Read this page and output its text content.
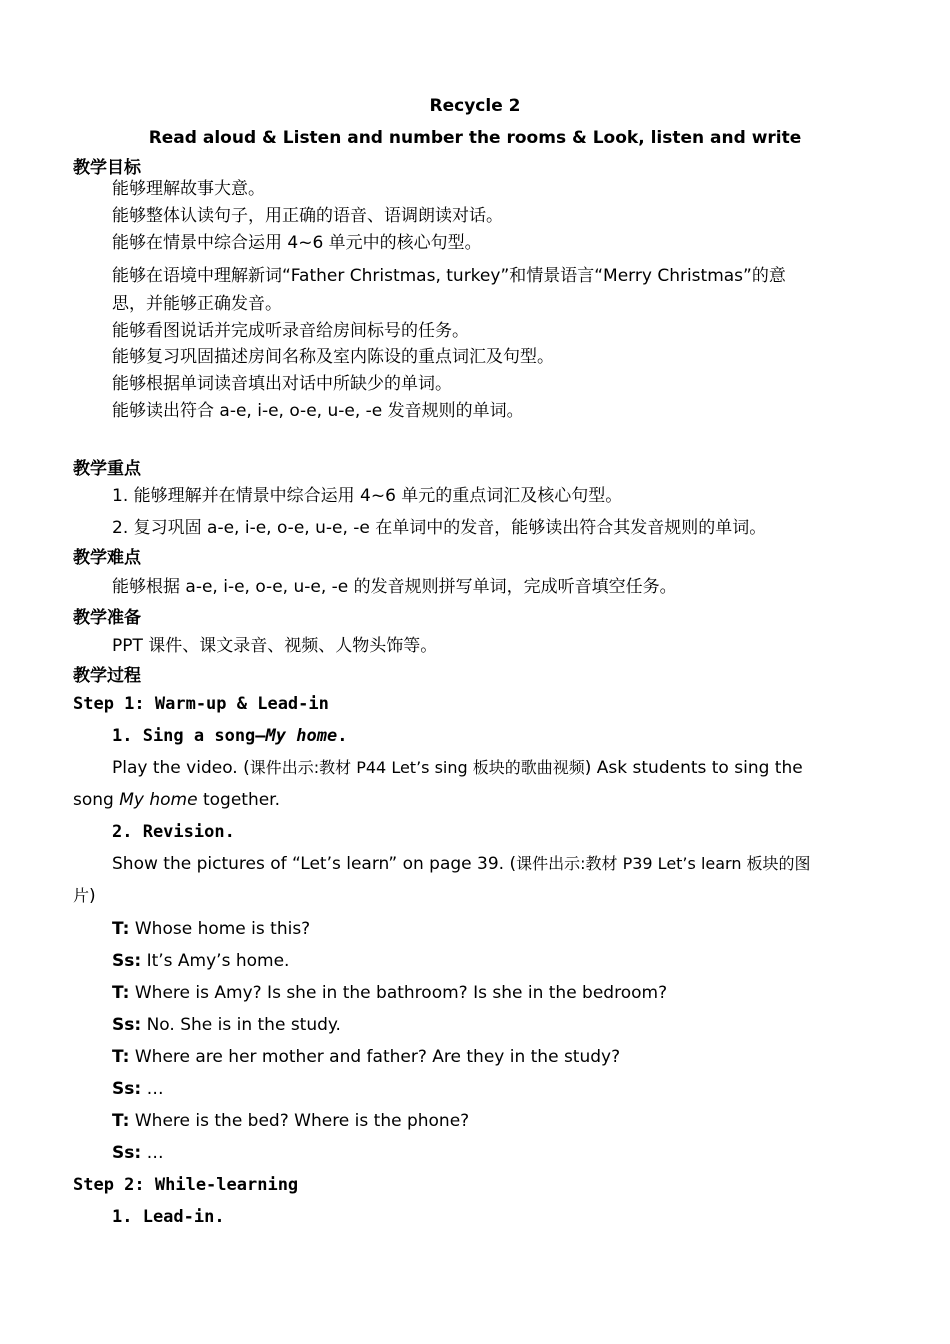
Recycle 2
Read aloud & Listen and number the rooms & Look, listen and write
教学目标
能够理解故事大意。
能够整体认读句子，用正确的语音、语调朗读对话。
能够在情景中综合运用 4~6 单元中的核心句型。
能够在语境中理解新词“Father Christmas, turkey”和情景语言“Merry Christmas”的意
思，并能够正确发音。
能够看图说话并完成听录音给房间标号的任务。
能够复习巩固描述房间名称及室内陈设的重点词汇及句型。
能够根据单词读音填出对话中所缺少的单词。
能够读出符合 a-e, i-e, o-e, u-e, -e 发音规则的单词。
教学重点
1. 能够理解并在情景中综合运用 4~6 单元的重点词汇及核心句型。
2. 复习巩固 a-e, i-e, o-e, u-e, -e 在单词中的发音，能够读出符合其发音规则的单词。
教学难点
能够根据 a-e, i-e, o-e, u-e, -e 的发音规则拼写单词，完成听音填空任务。
教学准备
PPT 课件、课文录音、视频、人物头饰等。
教学过程
Step 1: Warm-up & Lead-in
1. Sing a song—My home.
Play the video. (课件出示:教材 P44 Let’s sing 板块的歌曲视频) Ask students to sing the
song My home together.
2. Revision.
Show the pictures of “Let’s learn” on page 39. (课件出示:教材 P39 Let’s learn 板块的图
片)
T: Whose home is this?
Ss: It’s Amy’s home.
T: Where is Amy? Is she in the bathroom? Is she in the bedroom?
Ss: No. She is in the study.
T: Where are her mother and father? Are they in the study?
Ss: …
T: Where is the bed? Where is the phone?
Ss: …
Step 2: While-learning
1. Lead-in.
